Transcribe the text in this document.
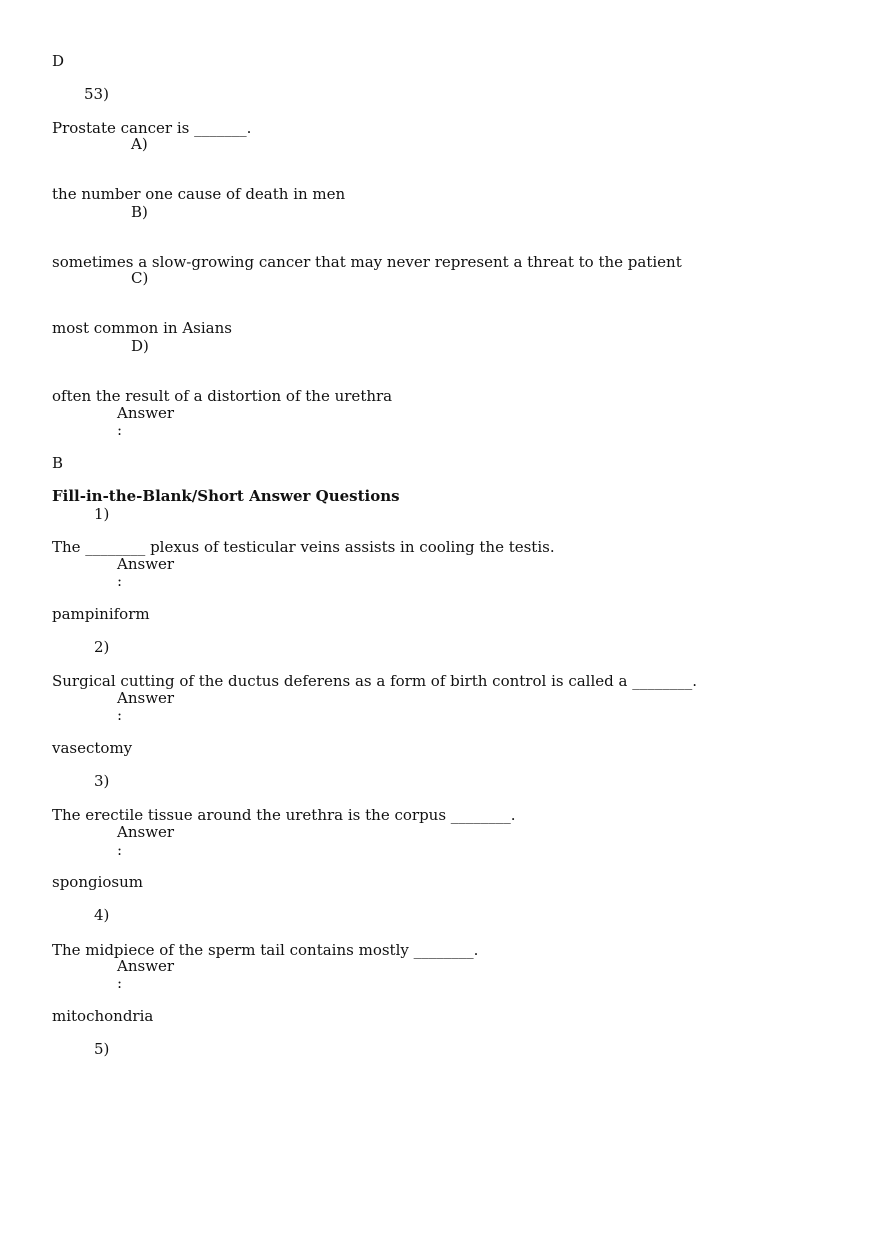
D
53)
Prostate cancer is _______.
A)
the number one cause of death in men
B)
sometimes a slow-growing cancer that may never represent a threat to the patient
C)
most common in Asians
D)
often the result of a distortion of the urethra
Answer
:
B
Fill-in-the-Blank/Short Answer Questions
1)
The ________ plexus of testicular veins assists in cooling the testis.
Answer
:
pampiniform
2)
Surgical cutting of the ductus deferens as a form of birth control is called a ________.
Answer
:
vasectomy
3)
The erectile tissue around the urethra is the corpus ________.
Answer
:
spongiosum
4)
The midpiece of the sperm tail contains mostly ________.
Answer
:
mitochondria
5)
